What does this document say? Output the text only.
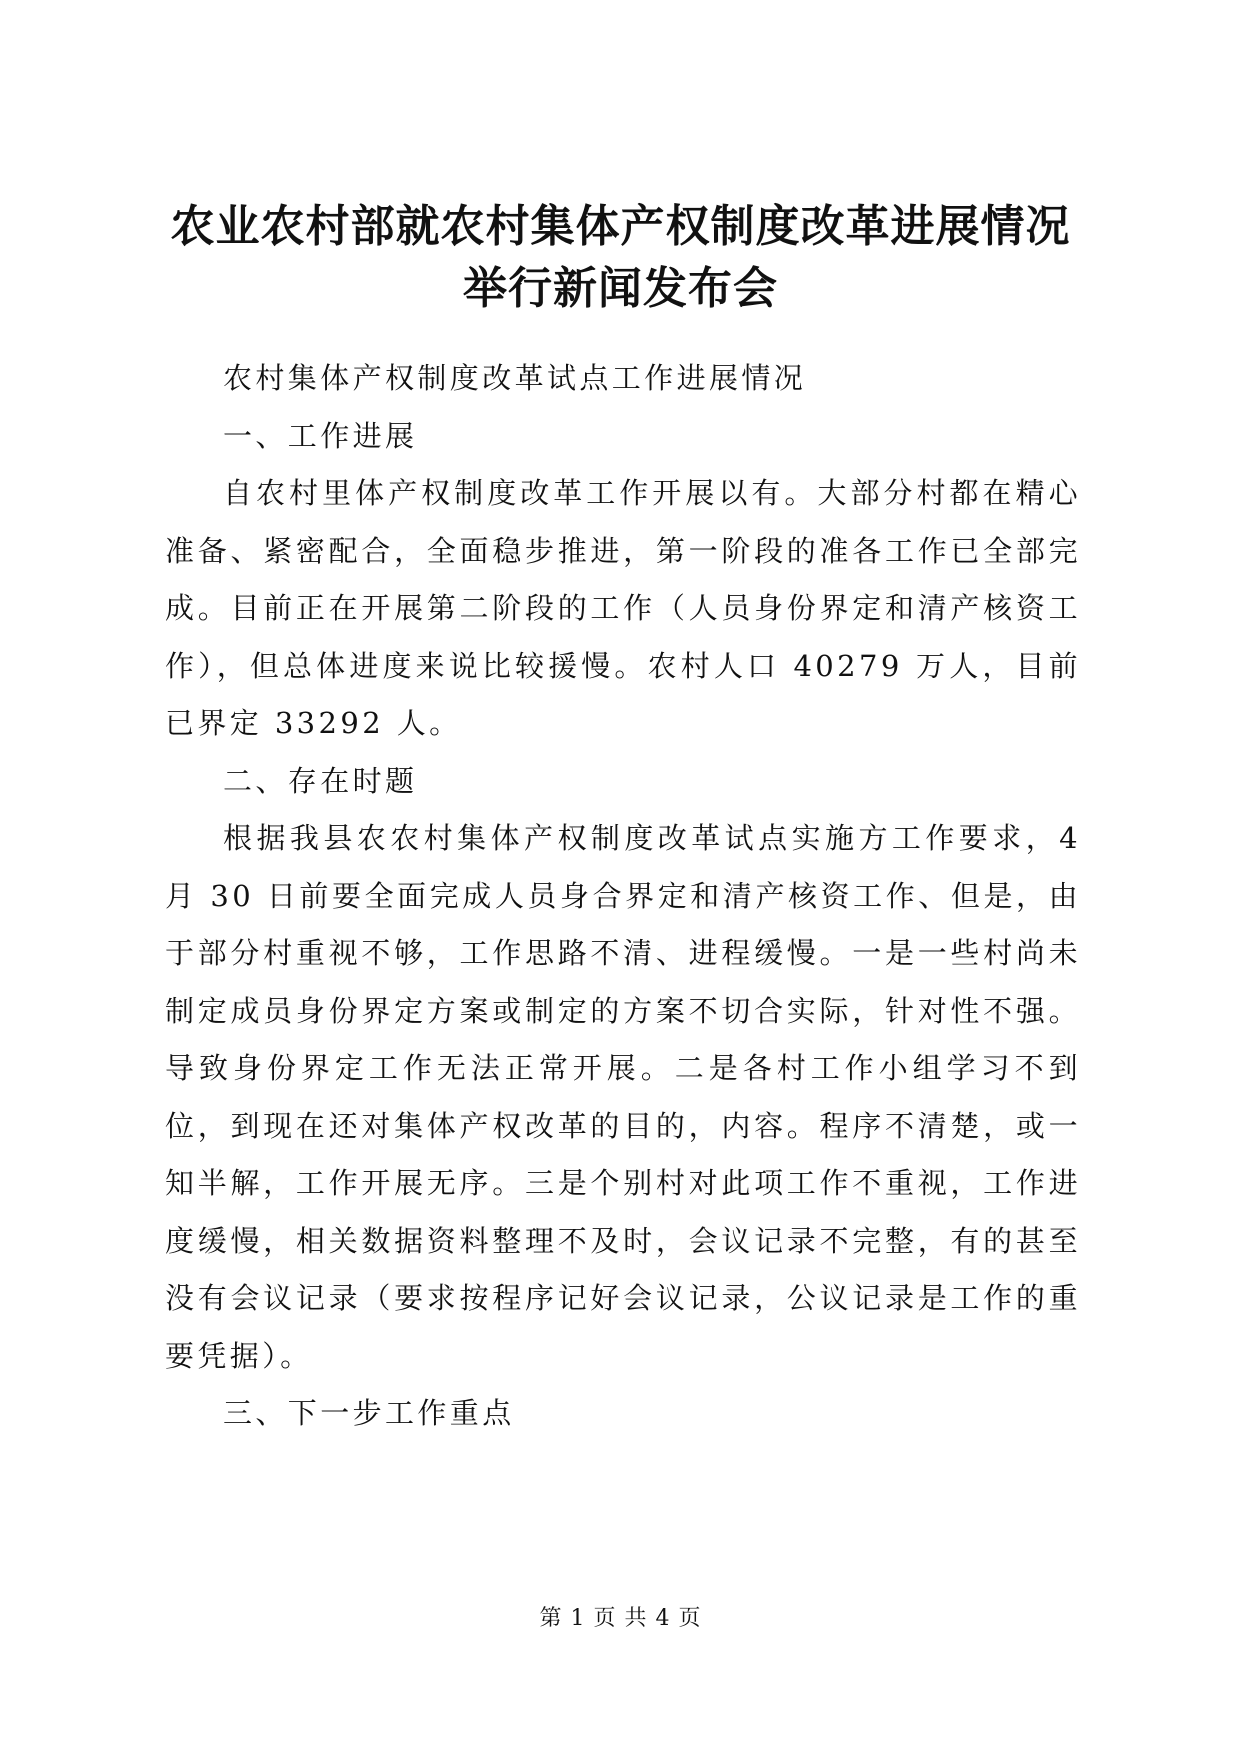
农业农村部就农村集体产权制度改革进展情况
举行新闻发布会

农村集体产权制度改革试点工作进展情况

一、工作进展

自农村里体产权制度改革工作开展以有。大部分村都在精心准备、紧密配合，全面稳步推进，第一阶段的准各工作已全部完成。目前正在开展第二阶段的工作（人员身份界定和清产核资工作），但总体进度来说比较援慢。农村人口 40279 万人，目前已界定 33292 人。

二、存在时题

根据我县农农村集体产权制度改革试点实施方工作要求，4 月 30 日前要全面完成人员身合界定和清产核资工作、但是，由于部分村重视不够，工作思路不清、进程缓慢。一是一些村尚未制定成员身份界定方案或制定的方案不切合实际，针对性不强。导致身份界定工作无法正常开展。二是各村工作小组学习不到位，到现在还对集体产权改革的目的，内容。程序不清楚，或一知半解，工作开展无序。三是个别村对此项工作不重视，工作进度缓慢，相关数据资料整理不及时，会议记录不完整，有的甚至没有会议记录（要求按程序记好会议记录，公议记录是工作的重要凭据）。

三、下一步工作重点

第 1 页 共 4 页
